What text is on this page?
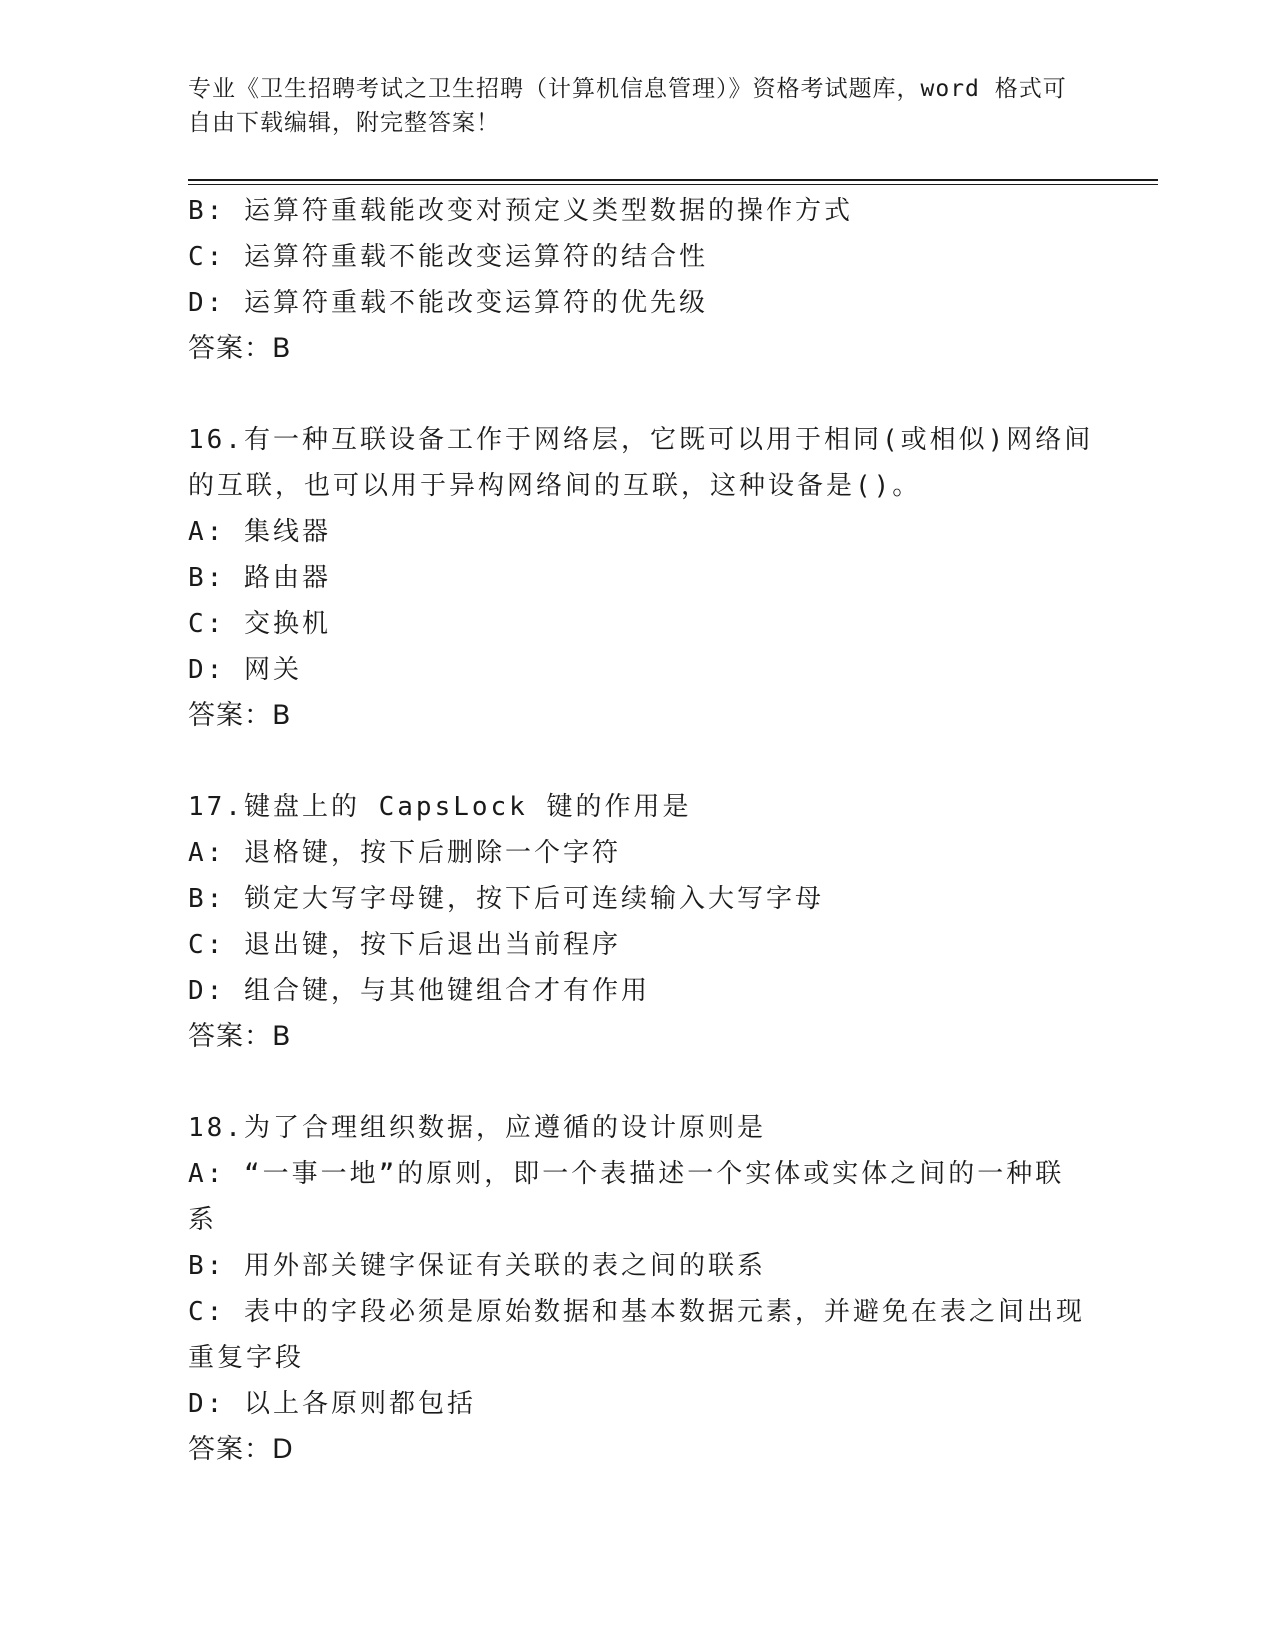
专业《卫生招聘考试之卫生招聘（计算机信息管理）》资格考试题库，word 格式可自由下载编辑，附完整答案！
B: 运算符重载能改变对预定义类型数据的操作方式
C: 运算符重载不能改变运算符的结合性
D: 运算符重载不能改变运算符的优先级
答案：B
16.有一种互联设备工作于网络层，它既可以用于相同(或相似)网络间
的互联，也可以用于异构网络间的互联，这种设备是()。
A: 集线器
B: 路由器
C: 交换机
D: 网关
答案：B
17.键盘上的 CapsLock 键的作用是
A: 退格键，按下后删除一个字符
B: 锁定大写字母键，按下后可连续输入大写字母
C: 退出键，按下后退出当前程序
D: 组合键，与其他键组合才有作用
答案：B
18.为了合理组织数据，应遵循的设计原则是
A: “一事一地”的原则，即一个表描述一个实体或实体之间的一种联
系
B: 用外部关键字保证有关联的表之间的联系
C: 表中的字段必须是原始数据和基本数据元素，并避免在表之间出现
重复字段
D: 以上各原则都包括
答案：D
